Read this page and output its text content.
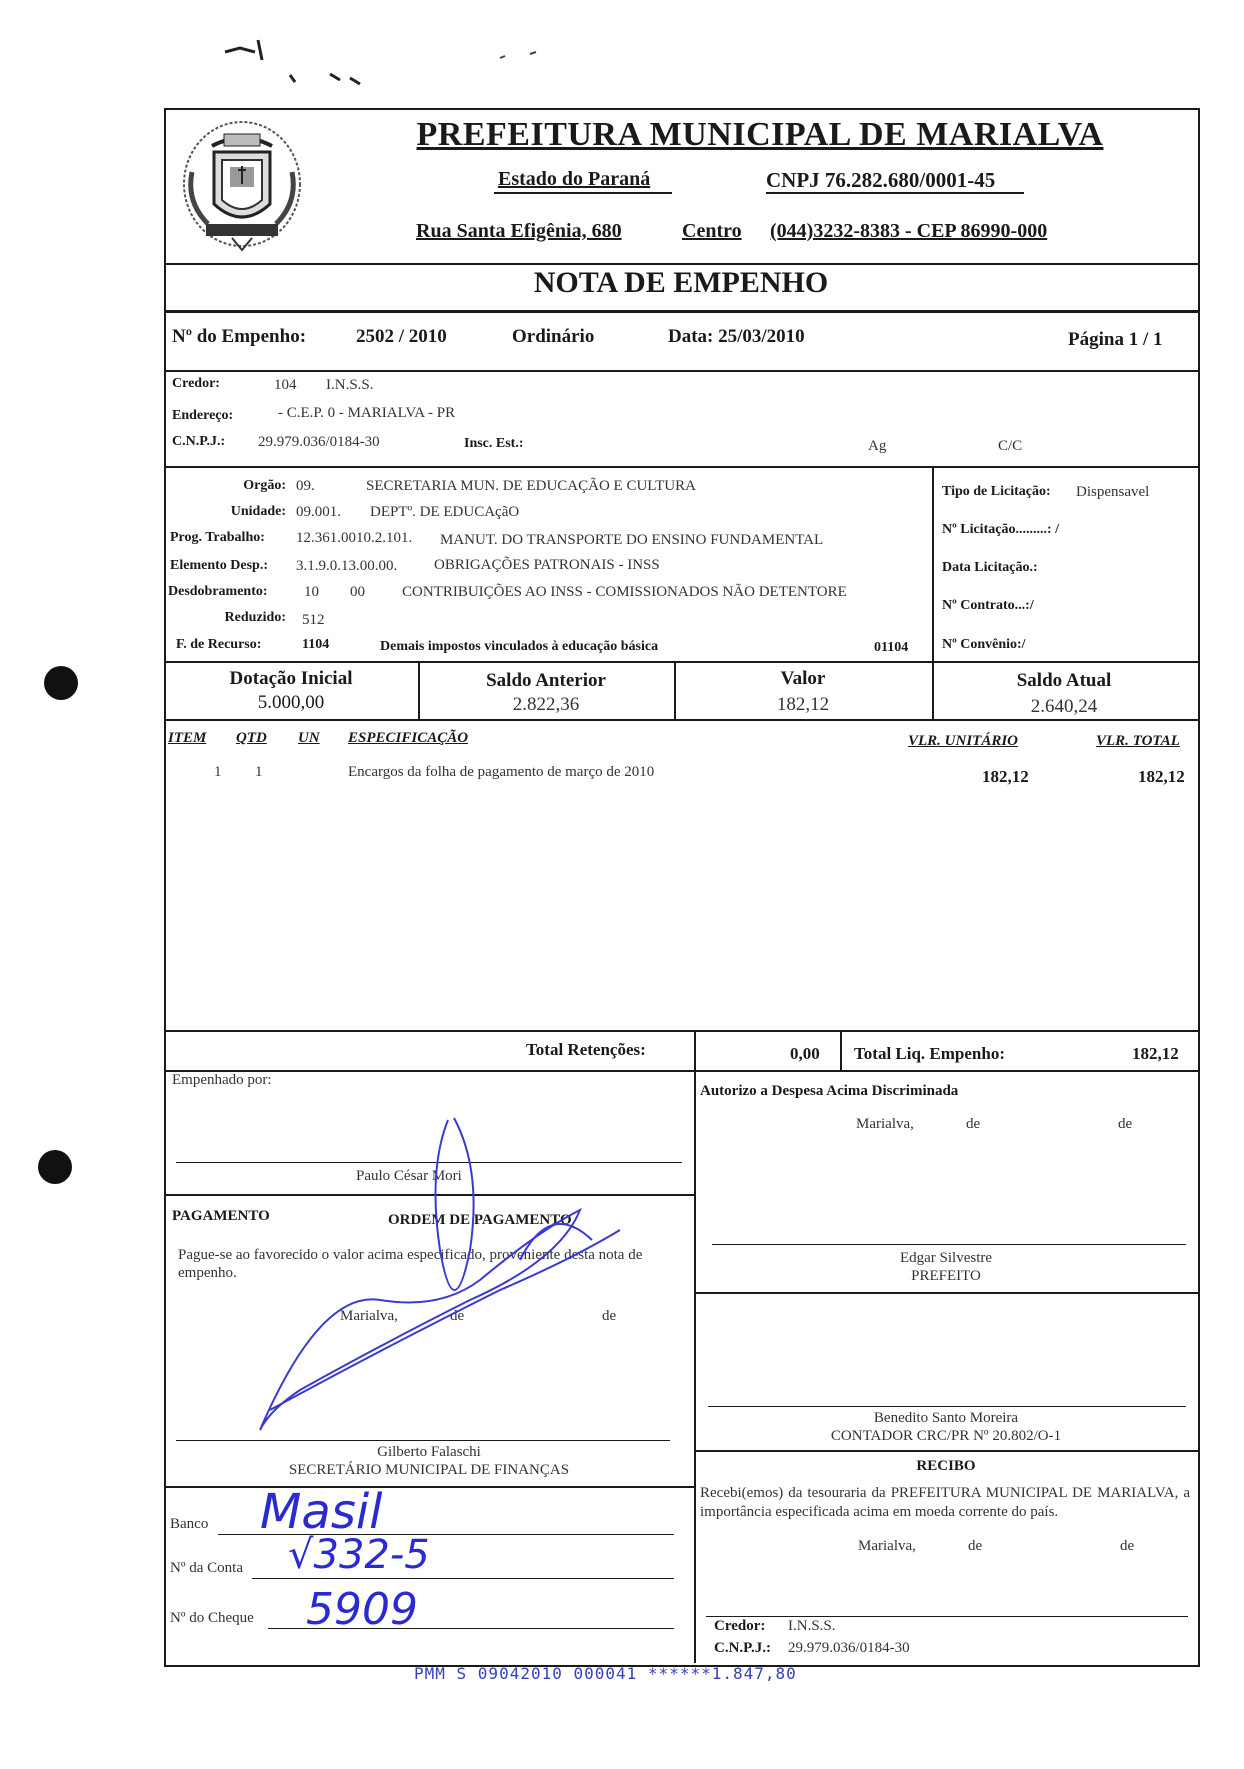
PREFEITURA MUNICIPAL DE MARIALVA
Estado do Paraná	CNPJ 76.282.680/0001-45
Rua Santa Efigênia, 680	Centro (044)3232-8383 - CEP 86990-000
NOTA DE EMPENHO
Nº do Empenho:	2502 / 2010	Ordinário	Data: 25/03/2010	Página 1 / 1
Credor:	104 I.N.S.S.
Endereço:	- C.E.P. 0 - MARIALVA - PR
C.N.P.J.: 29.979.036/0184-30	Insc. Est.:	Ag	C/C
Orgão: 09.	SECRETARIA MUN. DE EDUCAÇÃO E CULTURA
Unidade: 09.001. DEPTº. DE EDUCAçãO
Prog. Trabalho: 12.361.0010.2.101. MANUT. DO TRANSPORTE DO ENSINO FUNDAMENTAL
Elemento Desp.: 3.1.9.0.13.00.00. OBRIGAÇÕES PATRONAIS - INSS
Desdobramento: 10 00 CONTRIBUIÇÕES AO INSS - COMISSIONADOS NÃO DETENTORE
Reduzido: 512
F. de Recurso:	1104	Demais impostos vinculados à educação básica	01104
Tipo de Licitação: Dispensavel
Nº Licitação.........: /
Data Licitação.:
Nº Contrato...:/
Nº Convênio:/
Dotação Inicial
5.000,00
Saldo Anterior
2.822,36
Valor
182,12
Saldo Atual
2.640,24
ITEM QTD UN ESPECIFICAÇÃO	VLR. UNITÁRIO	VLR. TOTAL
1 1	Encargos da folha de pagamento de março de 2010	182,12	182,12
Total Retenções:	0,00 Total Liq. Empenho:	182,12
Empenhado por:
Paulo César Mori
Autorizo a Despesa Acima Discriminada
Marialva,	de	de
Edgar Silvestre
PREFEITO
PAGAMENTO	ORDEM DE PAGAMENTO
Pague-se ao favorecido o valor acima especificado, proveniente desta nota de empenho.
Marialva,	de	de
Gilberto Falaschi
SECRETÁRIO MUNICIPAL DE FINANÇAS
Benedito Santo Moreira
CONTADOR CRC/PR Nº 20.802/O-1
RECIBO
Recebi(emos) da tesouraria da PREFEITURA MUNICIPAL DE MARIALVA, a importância especificada acima em moeda corrente do país.
Marialva,	de	de
Credor: I.N.S.S.
C.N.P.J.: 29.979.036/0184-30
Banco Masil
Nº da Conta √332-5
Nº do Cheque 5909
PMM S 09042010 000041 ******1.847,80
